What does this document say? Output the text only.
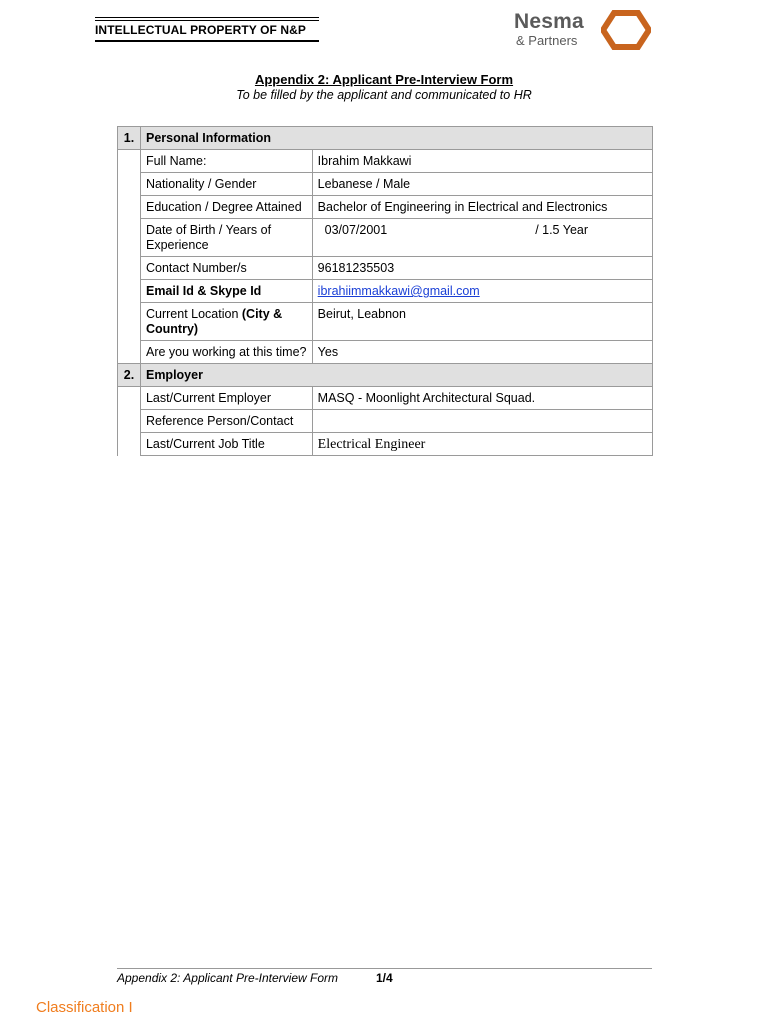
INTELLECTUAL PROPERTY OF N&P	Nesma
& Partners
Appendix 2: Applicant Pre-Interview Form
To be filled by the applicant and communicated to HR
1.	Personal Information	
	Full Name:	Ibrahim Makkawi
	Nationality / Gender	Lebanese / Male
	Education / Degree Attained	Bachelor of Engineering in Electrical and Electronics
	Date of Birth / Years of Experience	03/07/2001 / 1.5 Year
	Contact Number/s	96181235503
	Email Id & Skype Id	ibrahiimmakkawi@gmail.com
	Current Location (City & Country)	Beirut, Leabnon
	Are you working at this time?	Yes
2.	Employer	
	Last/Current Employer	MASQ - Moonlight Architectural Squad.
	Reference Person/Contact	
	Last/Current Job Title	Electrical Engineer
Appendix 2: Applicant Pre-Interview Form	1/4
Classification I
